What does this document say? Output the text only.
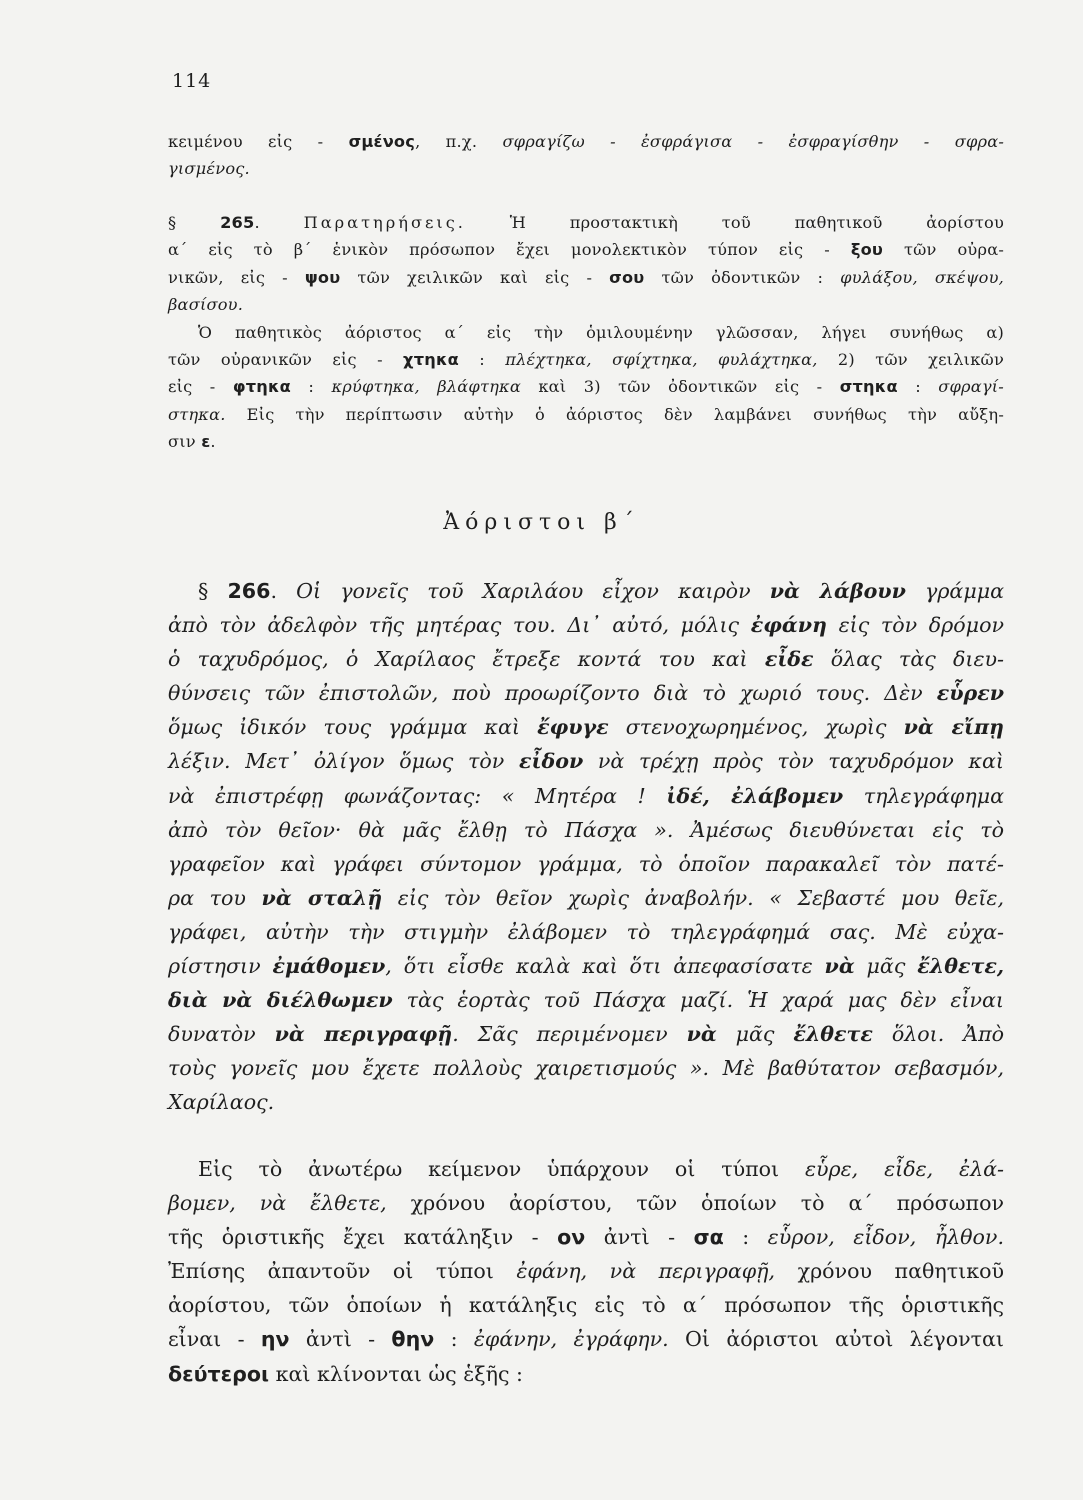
114
κειμένου εἰς - σμένος, π.χ. σφραγίζω - ἐσφράγισα - ἐσφραγίσθην - σφρα-
γισμένος.
§ 265. Παρατηρήσεις. Ἡ προστακτικὴ τοῦ παθητικοῦ ἀορίστου
α΄ εἰς τὸ β΄ ἑνικὸν πρόσωπον ἔχει μονολεκτικὸν τύπον εἰς - ξου τῶν οὐρα-
νικῶν, εἰς - ψου τῶν χειλικῶν καὶ εἰς - σου τῶν ὀδοντικῶν : φυλάξου, σκέψου,
βασίσου.
Ὁ παθητικὸς ἀόριστος α΄ εἰς τὴν ὁμιλουμένην γλῶσσαν, λήγει συνήθως α)
τῶν οὐρανικῶν εἰς - χτηκα : πλέχτηκα, σφίχτηκα, φυλάχτηκα, 2) τῶν χειλικῶν
εἰς - φτηκα : κρύφτηκα, βλάφτηκα καὶ 3) τῶν ὀδοντικῶν εἰς - στηκα : σφραγί-
στηκα. Εἰς τὴν περίπτωσιν αὐτὴν ὁ ἀόριστος δὲν λαμβάνει συνήθως τὴν αὔξη-
σιν ε.
Ἀόριστοι β΄
§ 266. Οἱ γονεῖς τοῦ Χαριλάου εἶχον καιρὸν νὰ λάβουν γράμμα
ἀπὸ τὸν ἀδελφὸν τῆς μητέρας του. Δι᾽ αὐτό, μόλις ἐφάνη εἰς τὸν δρόμον
ὁ ταχυδρόμος, ὁ Χαρίλαος ἔτρεξε κοντά του καὶ εἶδε ὅλας τὰς διευ-
θύνσεις τῶν ἐπιστολῶν, ποὺ προωρίζοντο διὰ τὸ χωριό τους. Δὲν εὗρεν
ὅμως ἰδικόν τους γράμμα καὶ ἔφυγε στενοχωρημένος, χωρὶς νὰ εἴπῃ
λέξιν. Μετ᾽ ὀλίγον ὅμως τὸν εἶδον νὰ τρέχῃ πρὸς τὸν ταχυδρόμον καὶ
νὰ ἐπιστρέφῃ φωνάζοντας: « Μητέρα ! ἰδέ, ἐλάβομεν τηλεγράφημα
ἀπὸ τὸν θεῖον· θὰ μᾶς ἔλθῃ τὸ Πάσχα ». Ἀμέσως διευθύνεται εἰς τὸ
γραφεῖον καὶ γράφει σύντομον γράμμα, τὸ ὁποῖον παρακαλεῖ τὸν πατέ-
ρα του νὰ σταλῇ εἰς τὸν θεῖον χωρὶς ἀναβολήν. « Σεβαστέ μου θεῖε,
γράφει, αὐτὴν τὴν στιγμὴν ἐλάβομεν τὸ τηλεγράφημά σας. Μὲ εὐχα-
ρίστησιν ἐμάθομεν, ὅτι εἶσθε καλὰ καὶ ὅτι ἀπεφασίσατε νὰ μᾶς ἔλθετε,
διὰ νὰ διέλθωμεν τὰς ἑορτὰς τοῦ Πάσχα μαζί. Ἡ χαρά μας δὲν εἶναι
δυνατὸν νὰ περιγραφῇ. Σᾶς περιμένομεν νὰ μᾶς ἔλθετε ὅλοι. Ἀπὸ
τοὺς γονεῖς μου ἔχετε πολλοὺς χαιρετισμούς ». Μὲ βαθύτατον σεβασμόν,
Χαρίλαος.
Εἰς τὸ ἀνωτέρω κείμενον ὑπάρχουν οἱ τύποι εὗρε, εἶδε, ἐλά-
βομεν, νὰ ἔλθετε, χρόνου ἀορίστου, τῶν ὁποίων τὸ α΄ πρόσωπον
τῆς ὁριστικῆς ἔχει κατάληξιν - ον ἀντὶ - σα : εὗρον, εἶδον, ἦλθον.
Ἐπίσης ἀπαντοῦν οἱ τύποι ἐφάνη, νὰ περιγραφῇ, χρόνου παθητικοῦ
ἀορίστου, τῶν ὁποίων ἡ κατάληξις εἰς τὸ α΄ πρόσωπον τῆς ὁριστικῆς
εἶναι - ην ἀντὶ - θην : ἐφάνην, ἐγράφην. Οἱ ἀόριστοι αὐτοὶ λέγονται
δεύτεροι καὶ κλίνονται ὡς ἑξῆς :
